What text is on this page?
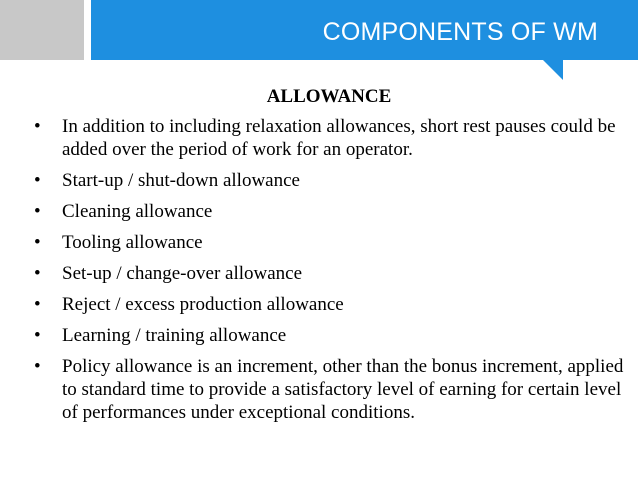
COMPONENTS OF WM
ALLOWANCE
• In addition to including relaxation allowances, short rest pauses could be added over the period of work for an operator.
• Start-up / shut-down allowance
• Cleaning allowance
• Tooling allowance
• Set-up / change-over allowance
• Reject / excess production allowance
• Learning / training allowance
• Policy allowance is an increment, other than the bonus increment, applied to standard time to provide a satisfactory level of earning for certain level of performances under exceptional conditions.
